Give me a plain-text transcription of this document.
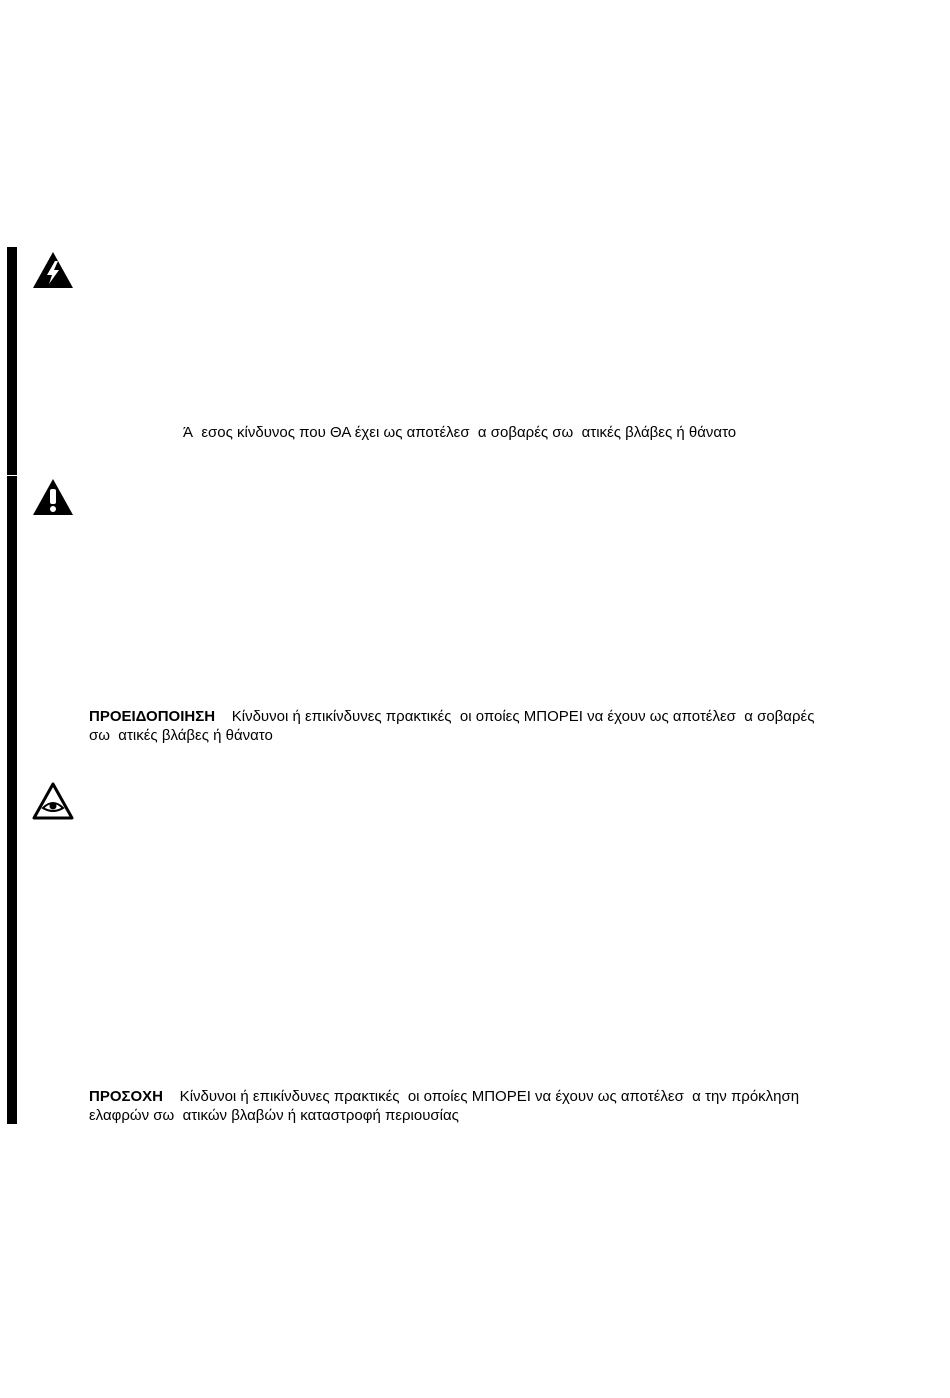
Ά  εσος κίνδυνος που ΘΑ έχει ως αποτέλεσ  α σοβαρές σω  ατικές βλάβες ή θάνατο
ΠΡΟΕΙΔΟΠΟΙΗΣΗ    Κίνδυνοι ή επικίνδυνες πρακτικές  οι οποίες ΜΠΟΡΕΙ να έχουν ως αποτέλεσ  α σοβαρές
σω  ατικές βλάβες ή θάνατο
ΠΡΟΣΟΧΗ    Κίνδυνοι ή επικίνδυνες πρακτικές  οι οποίες ΜΠΟΡΕΙ να έχουν ως αποτέλεσ  α την πρόκληση
ελαφρών σω  ατικών βλαβών ή καταστροφή περιουσίας
